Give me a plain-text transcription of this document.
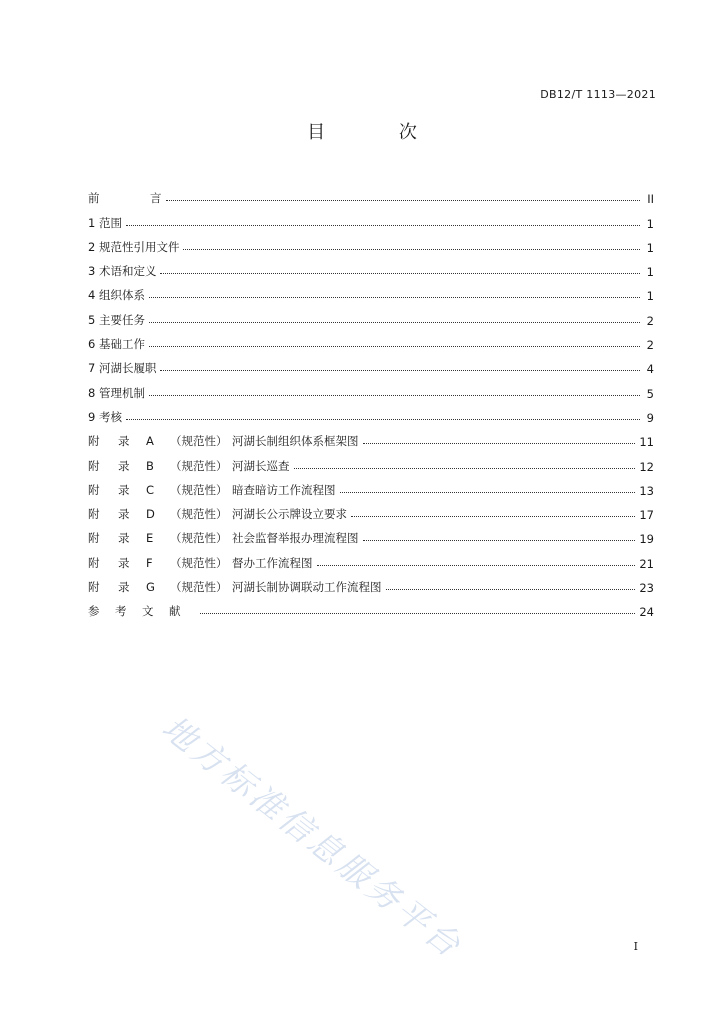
DB12/T 1113—2021
目 次
前	言	II
1 范围	1
2 规范性引用文件	1
3 术语和定义	1
4 组织体系	1
5 主要任务	2
6 基础工作	2
7 河湖长履职	4
8 管理机制	5
9 考核	9
附 录 A （规范性） 河湖长制组织体系框架图	11
附 录 B （规范性） 河湖长巡查	12
附 录 C （规范性） 暗查暗访工作流程图	13
附 录 D （规范性） 河湖长公示牌设立要求	17
附 录 E （规范性） 社会监督举报办理流程图	19
附 录 F （规范性） 督办工作流程图	21
附 录 G （规范性） 河湖长制协调联动工作流程图	23
参 考 文 献	24
地方标准信息服务平台	I
